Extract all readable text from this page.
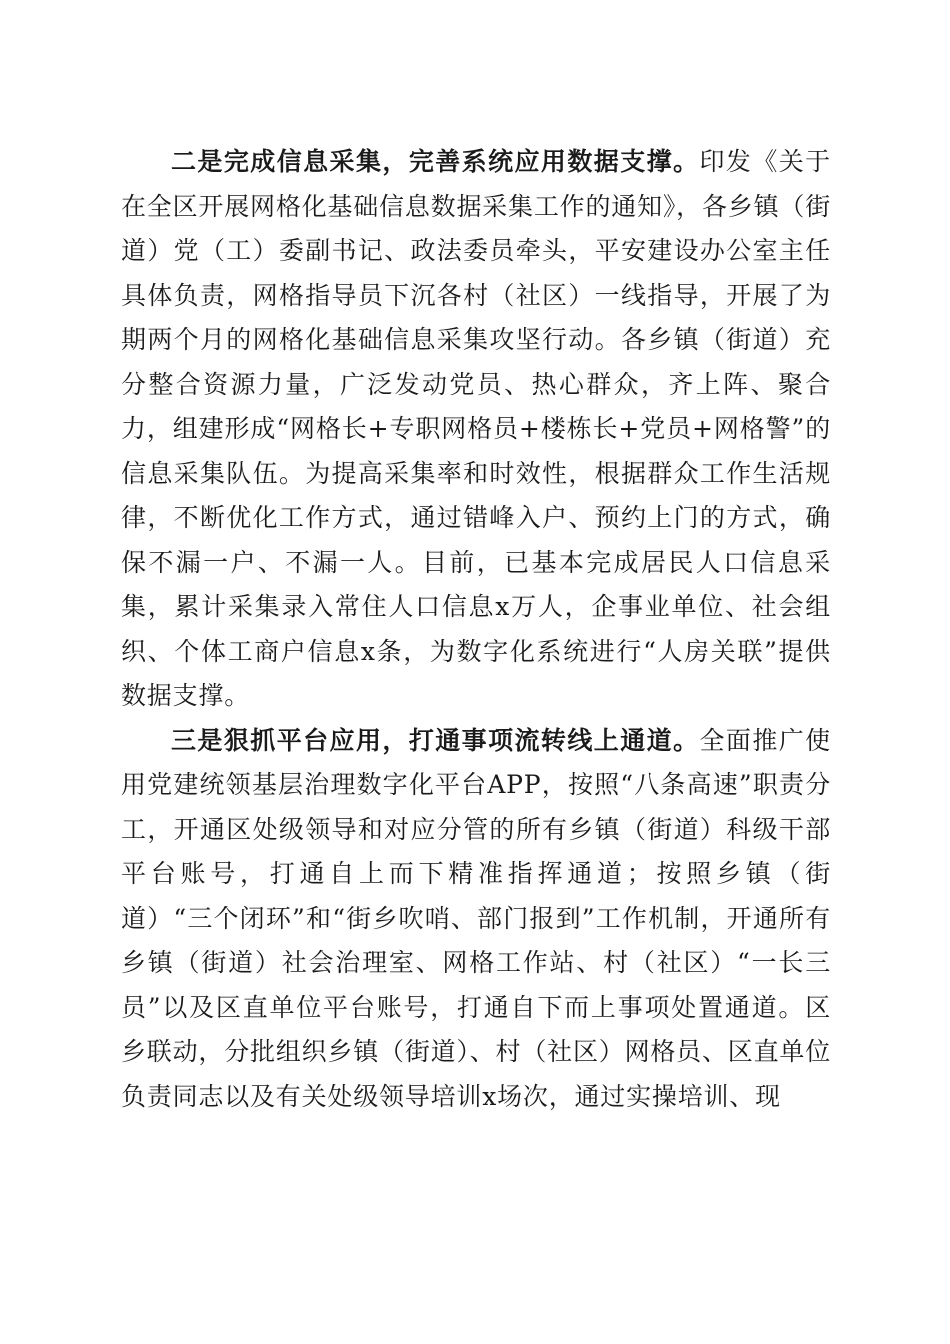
二是完成信息采集，完善系统应用数据支撑。印发《关于在全区开展网格化基础信息数据采集工作的通知》，各乡镇（街道）党（工）委副书记、政法委员牵头，平安建设办公室主任具体负责，网格指导员下沉各村（社区）一线指导，开展了为期两个月的网格化基础信息采集攻坚行动。各乡镇（街道）充分整合资源力量，广泛发动党员、热心群众，齐上阵、聚合力，组建形成“网格长+专职网格员+楼栋长+党员+网格警”的信息采集队伍。为提高采集率和时效性，根据群众工作生活规律，不断优化工作方式，通过错峰入户、预约上门的方式，确保不漏一户、不漏一人。目前，已基本完成居民人口信息采集，累计采集录入常住人口信息x万人，企事业单位、社会组织、个体工商户信息x条，为数字化系统进行“人房关联”提供数据支撑。

三是狠抓平台应用，打通事项流转线上通道。全面推广使用党建统领基层治理数字化平台APP，按照“八条高速”职责分工，开通区处级领导和对应分管的所有乡镇（街道）科级干部平台账号，打通自上而下精准指挥通道；按照乡镇（街道）“三个闭环”和“街乡吹哨、部门报到”工作机制，开通所有乡镇（街道）社会治理室、网格工作站、村（社区）“一长三员”以及区直单位平台账号，打通自下而上事项处置通道。区乡联动，分批组织乡镇（街道）、村（社区）网格员、区直单位负责同志以及有关处级领导培训x场次，通过实操培训、现
